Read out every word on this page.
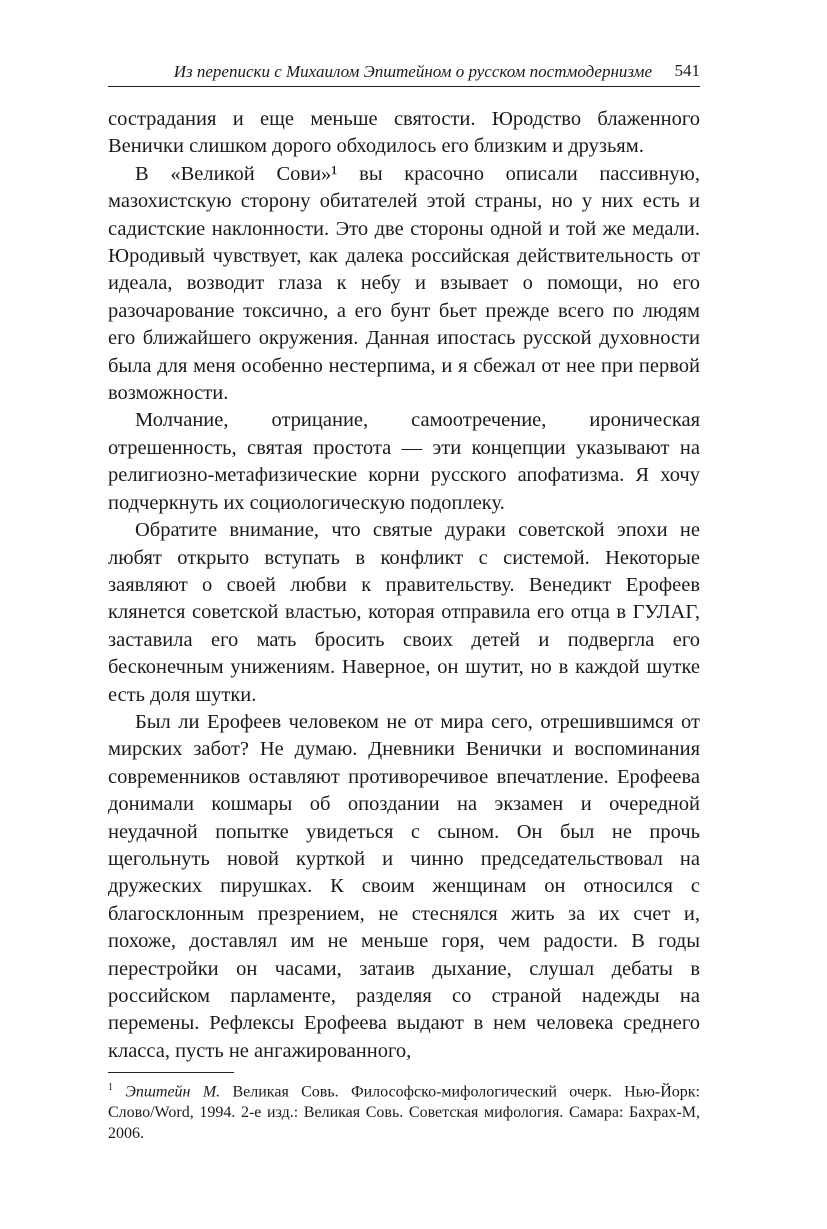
Из переписки с Михаилом Эпштейном о русском постмодернизме 541

сострадания и еще меньше святости. Юродство блаженного Венички слишком дорого обходилось его близким и друзьям.

В «Великой Сови»¹ вы красочно описали пассивную, мазохистскую сторону обитателей этой страны, но у них есть и садистские наклонности. Это две стороны одной и той же медали. Юродивый чувствует, как далека российская действительность от идеала, возводит глаза к небу и взывает о помощи, но его разочарование токсично, а его бунт бьет прежде всего по людям его ближайшего окружения. Данная ипостась русской духовности была для меня особенно нестерпима, и я сбежал от нее при первой возможности.

Молчание, отрицание, самоотречение, ироническая отрешенность, святая простота — эти концепции указывают на религиозно-метафизические корни русского апофатизма. Я хочу подчеркнуть их социологическую подоплеку.

Обратите внимание, что святые дураки советской эпохи не любят открыто вступать в конфликт с системой. Некоторые заявляют о своей любви к правительству. Венедикт Ерофеев клянется советской властью, которая отправила его отца в ГУЛАГ, заставила его мать бросить своих детей и подвергла его бесконечным унижениям. Наверное, он шутит, но в каждой шутке есть доля шутки.

Был ли Ерофеев человеком не от мира сего, отрешившимся от мирских забот? Не думаю. Дневники Венички и воспоминания современников оставляют противоречивое впечатление. Ерофеева донимали кошмары об опоздании на экзамен и очередной неудачной попытке увидеться с сыном. Он был не прочь щегольнуть новой курткой и чинно председательствовал на дружеских пирушках. К своим женщинам он относился с благосклонным презрением, не стеснялся жить за их счет и, похоже, доставлял им не меньше горя, чем радости. В годы перестройки он часами, затаив дыхание, слушал дебаты в российском парламенте, разделяя со страной надежды на перемены. Рефлексы Ерофеева выдают в нем человека среднего класса, пусть не ангажированного,

$^1$ Эпштейн М. Великая Совь. Философско-мифологический очерк. Нью-Йорк: Слово/Word, 1994. 2-е изд.: Великая Совь. Советская мифология. Самара: Бахрах-М, 2006.
